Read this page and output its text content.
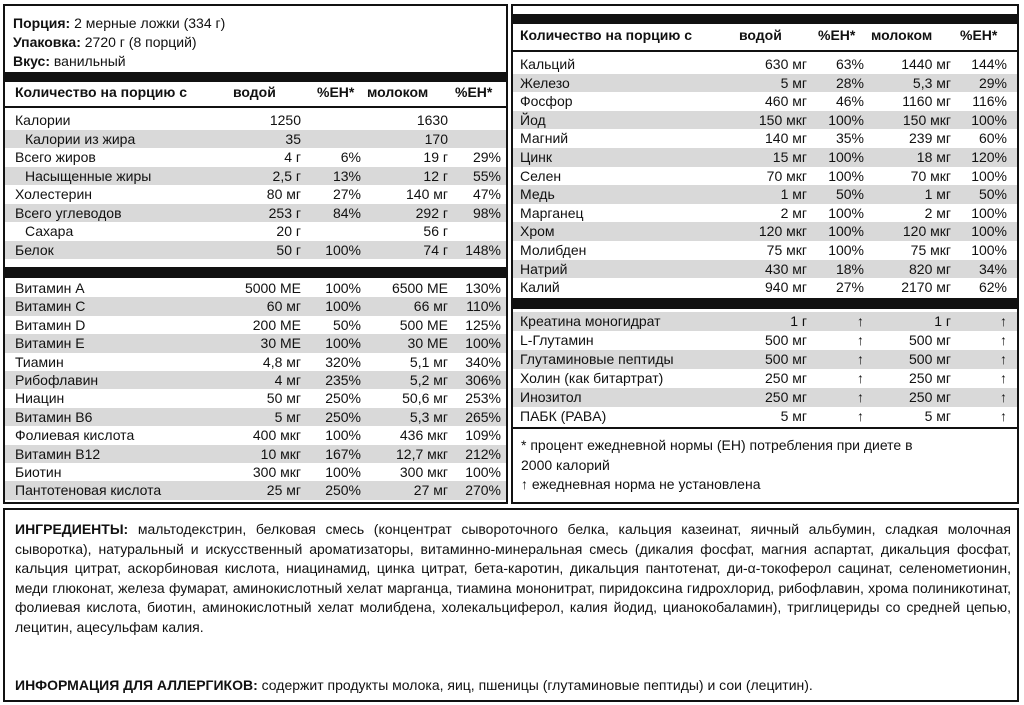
Порция: 2 мерные ложки (334 г)
Упаковка: 2720 г (8 порций)
Вкус: ванильный
Количество на порцию с	водой	%ЕН* молоком %ЕН*
Калории	1250	1630
Калории из жира	35	170
Всего жиров	4 г	6%	19 г 29%
Насыщенные жиры	2,5 г 13%	12 г 55%
Холестерин	80 мг 27%	140 мг 47%
Всего углеводов	253 г 84%	292 г 98%
Сахара	20 г	56 г
Белок	50 г 100%	74 г 148%
Витамин А	5000 МЕ 100% 6500 МЕ 130%
Витамин С	60 мг 100%	66 мг 110%
Витамин D	200 МЕ 50%	500 МЕ 125%
Витамин Е	30 МЕ 100%	30 МЕ 100%
Тиамин	4,8 мг 320%	5,1 мг 340%
Рибофлавин	4 мг 235%	5,2 мг 306%
Ниацин	50 мг 250%	50,6 мг 253%
Витамин B6	5 мг 250%	5,3 мг 265%
Фолиевая кислота	400 мкг 100%	436 мкг 109%
Витамин B12	10 мкг 167%	12,7 мкг 212%
Биотин	300 мкг 100%	300 мкг 100%
Пантотеновая кислота	25 мг 250%	27 мг 270%
Количество на порцию с	водой	%ЕН* молоком %ЕН*
Кальций	630 мг 63%	1440 мг 144%
Железо	5 мг 28%	5,3 мг 29%
Фосфор	460 мг 46%	1160 мг 116%
Йод	150 мкг 100%	150 мкг 100%
Магний	140 мг 35%	239 мг 60%
Цинк	15 мг 100%	18 мг 120%
Селен	70 мкг 100%	70 мкг 100%
Медь	1 мг 50%	1 мг 50%
Марганец	2 мг 100%	2 мг 100%
Хром	120 мкг 100%	120 мкг 100%
Молибден	75 мкг 100%	75 мкг 100%
Натрий	430 мг 18%	820 мг 34%
Калий	940 мг 27%	2170 мг 62%
Креатина моногидрат	1 г	↑	1 г	↑
L-Глутамин	500 мг	↑	500 мг	↑
Глутаминовые пептиды	500 мг	↑	500 мг	↑
Холин (как битартрат)	250 мг	↑	250 мг	↑
Инозитол	250 мг	↑	250 мг	↑
ПАБК (PABA)	5 мг	↑	5 мг	↑
* процент ежедневной нормы (ЕН) потребления при диете в
2000 калорий
↑ ежедневная норма не установлена
ИНГРЕДИЕНТЫ: мальтодекстрин, белковая смесь (концентрат сывороточного белка, кальция казеинат, яичный альбумин, сладкая молочная сыворотка), натуральный и искусственный ароматизаторы, витаминно-минеральная смесь (дикалия фосфат, магния аспартат, дикальция фосфат, кальция цитрат, аскорбиновая кислота, ниацинамид, цинка цитрат, бета-каротин, дикальция пантотенат, ди-α-токоферол сацинат, селенометионин, меди глюконат, железа фумарат, аминокислотный хелат марганца, тиамина мононитрат, пиридоксина гидрохлорид, рибофлавин, хрома полиникотинат, фолиевая кислота, биотин, аминокислотный хелат молибдена, холекальциферол, калия йодид, цианокобаламин), триглицериды со средней цепью, лецитин, ацесульфам калия.
ИНФОРМАЦИЯ ДЛЯ АЛЛЕРГИКОВ: содержит продукты молока, яиц, пшеницы (глутаминовые пептиды) и сои (лецитин).
